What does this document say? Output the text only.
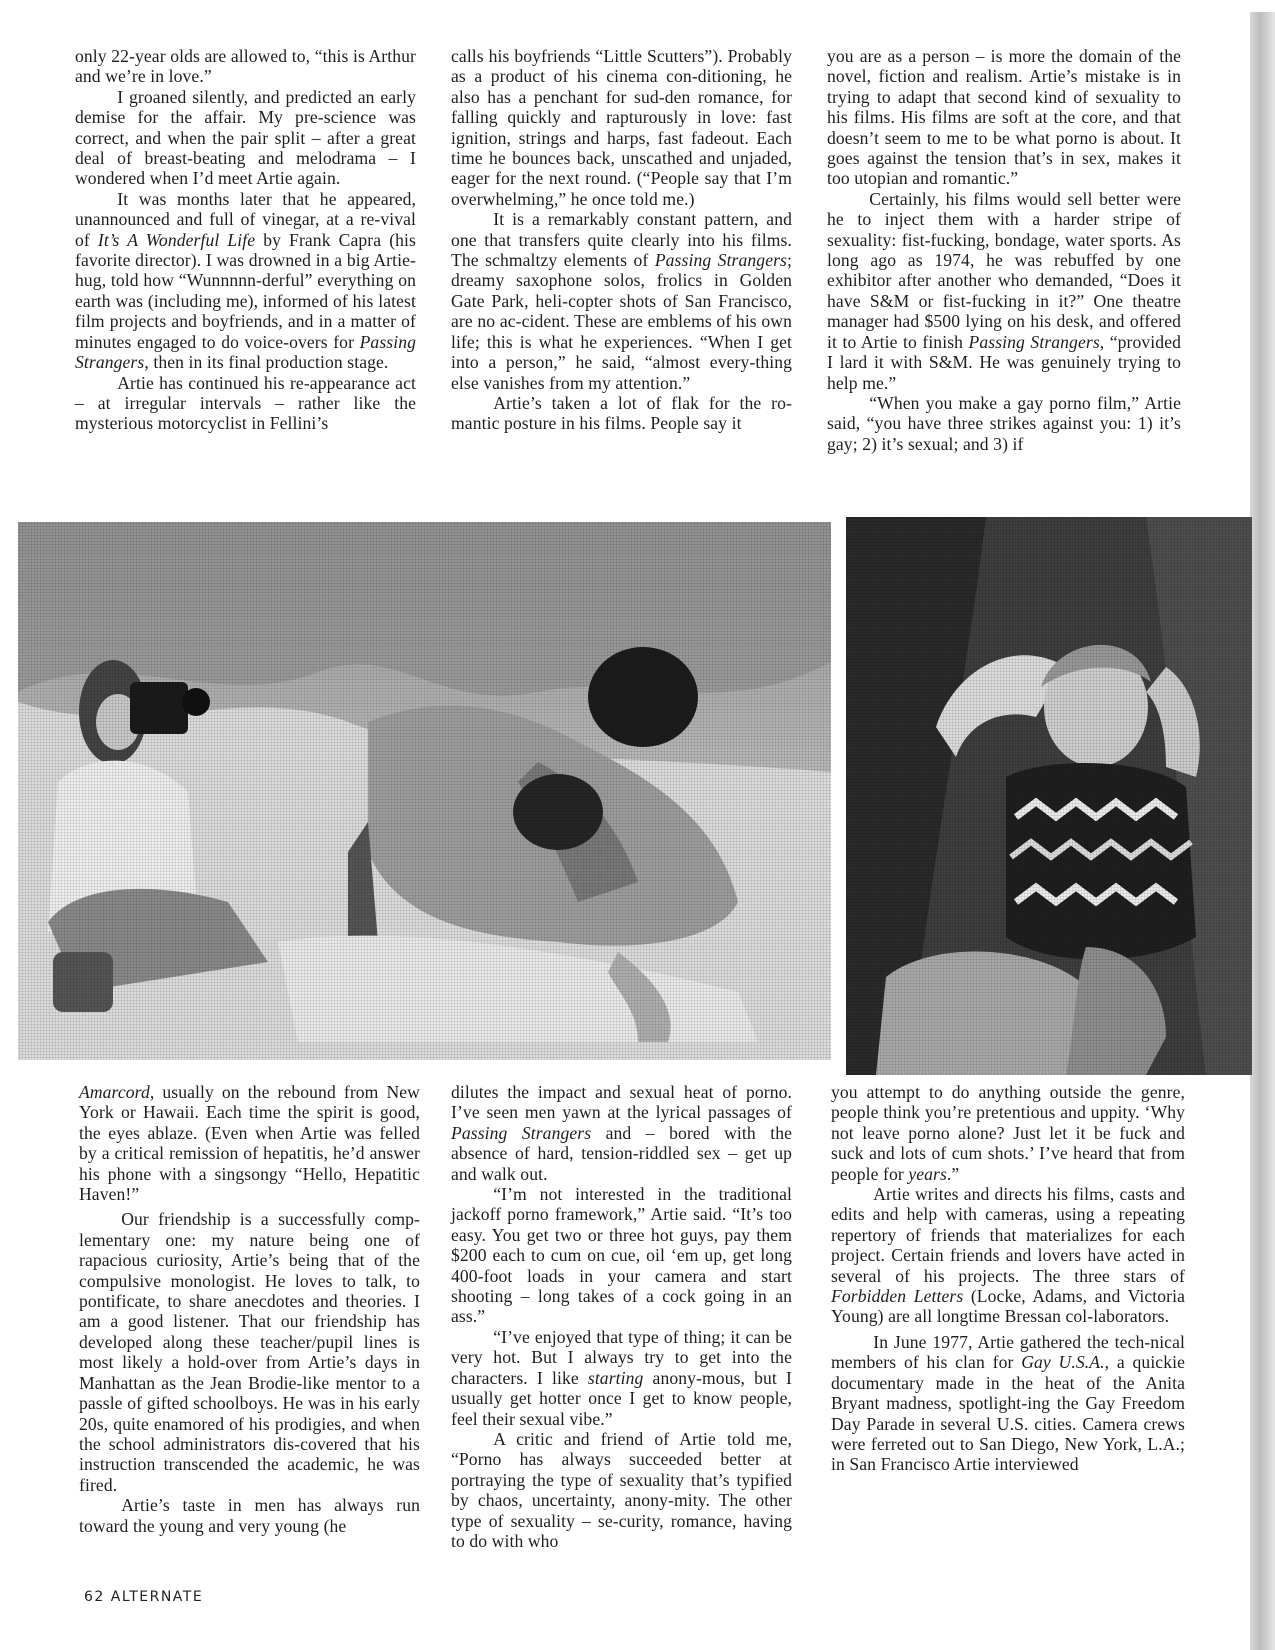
only 22-year olds are allowed to, “this is Arthur and we’re in love.”

I groaned silently, and predicted an early demise for the affair. My pre-science was correct, and when the pair split – after a great deal of breast-beating and melodrama – I wondered when I’d meet Artie again.

It was months later that he appeared, unannounced and full of vinegar, at a re-vival of It’s A Wonderful Life by Frank Capra (his favorite director). I was drowned in a big Artie-hug, told how “Wunnnnn-derful” everything on earth was (including me), informed of his latest film projects and boyfriends, and in a matter of minutes engaged to do voice-overs for Passing Strangers, then in its final production stage.

Artie has continued his re-appearance act – at irregular intervals – rather like the mysterious motorcyclist in Fellini’s

calls his boyfriends “Little Scutters”). Probably as a product of his cinema con-ditioning, he also has a penchant for sud-den romance, for falling quickly and rapturously in love: fast ignition, strings and harps, fast fadeout. Each time he bounces back, unscathed and unjaded, eager for the next round. (“People say that I’m overwhelming,” he once told me.)

It is a remarkably constant pattern, and one that transfers quite clearly into his films. The schmaltzy elements of Passing Strangers; dreamy saxophone solos, frolics in Golden Gate Park, heli-copter shots of San Francisco, are no ac-cident. These are emblems of his own life; this is what he experiences. “When I get into a person,” he said, “almost every-thing else vanishes from my attention.”

Artie’s taken a lot of flak for the ro-mantic posture in his films. People say it

you are as a person – is more the domain of the novel, fiction and realism. Artie’s mistake is in trying to adapt that second kind of sexuality to his films. His films are soft at the core, and that doesn’t seem to me to be what porno is about. It goes against the tension that’s in sex, makes it too utopian and romantic.”

Certainly, his films would sell better were he to inject them with a harder stripe of sexuality: fist-fucking, bondage, water sports. As long ago as 1974, he was rebuffed by one exhibitor after another who demanded, “Does it have S&M or fist-fucking in it?” One theatre manager had $500 lying on his desk, and offered it to Artie to finish Passing Strangers, “provided I lard it with S&M. He was genuinely trying to help me.”

“When you make a gay porno film,” Artie said, “you have three strikes against you: 1) it’s gay; 2) it’s sexual; and 3) if

Amarcord, usually on the rebound from New York or Hawaii. Each time the spirit is good, the eyes ablaze. (Even when Artie was felled by a critical remission of hepatitis, he’d answer his phone with a singsongy “Hello, Hepatitic Haven!”

Our friendship is a successfully comp-lementary one: my nature being one of rapacious curiosity, Artie’s being that of the compulsive monologist. He loves to talk, to pontificate, to share anecdotes and theories. I am a good listener. That our friendship has developed along these teacher/pupil lines is most likely a hold-over from Artie’s days in Manhattan as the Jean Brodie-like mentor to a passle of gifted schoolboys. He was in his early 20s, quite enamored of his prodigies, and when the school administrators dis-covered that his instruction transcended the academic, he was fired.

Artie’s taste in men has always run toward the young and very young (he

dilutes the impact and sexual heat of porno. I’ve seen men yawn at the lyrical passages of Passing Strangers and – bored with the absence of hard, tension-riddled sex – get up and walk out.

“I’m not interested in the traditional jackoff porno framework,” Artie said. “It’s too easy. You get two or three hot guys, pay them $200 each to cum on cue, oil ‘em up, get long 400-foot loads in your camera and start shooting – long takes of a cock going in an ass.”

“I’ve enjoyed that type of thing; it can be very hot. But I always try to get into the characters. I like starting anony-mous, but I usually get hotter once I get to know people, feel their sexual vibe.”

A critic and friend of Artie told me, “Porno has always succeeded better at portraying the type of sexuality that’s typified by chaos, uncertainty, anony-mity. The other type of sexuality – se-curity, romance, having to do with who

you attempt to do anything outside the genre, people think you’re pretentious and uppity. ‘Why not leave porno alone? Just let it be fuck and suck and lots of cum shots.’ I’ve heard that from people for years.”

Artie writes and directs his films, casts and edits and help with cameras, using a repeating repertory of friends that materializes for each project. Certain friends and lovers have acted in several of his projects. The three stars of Forbidden Letters (Locke, Adams, and Victoria Young) are all longtime Bressan col-laborators.

In June 1977, Artie gathered the tech-nical members of his clan for Gay U.S.A., a quickie documentary made in the heat of the Anita Bryant madness, spotlight-ing the Gay Freedom Day Parade in several U.S. cities. Camera crews were ferreted out to San Diego, New York, L.A.; in San Francisco Artie interviewed

62 ALTERNATE
